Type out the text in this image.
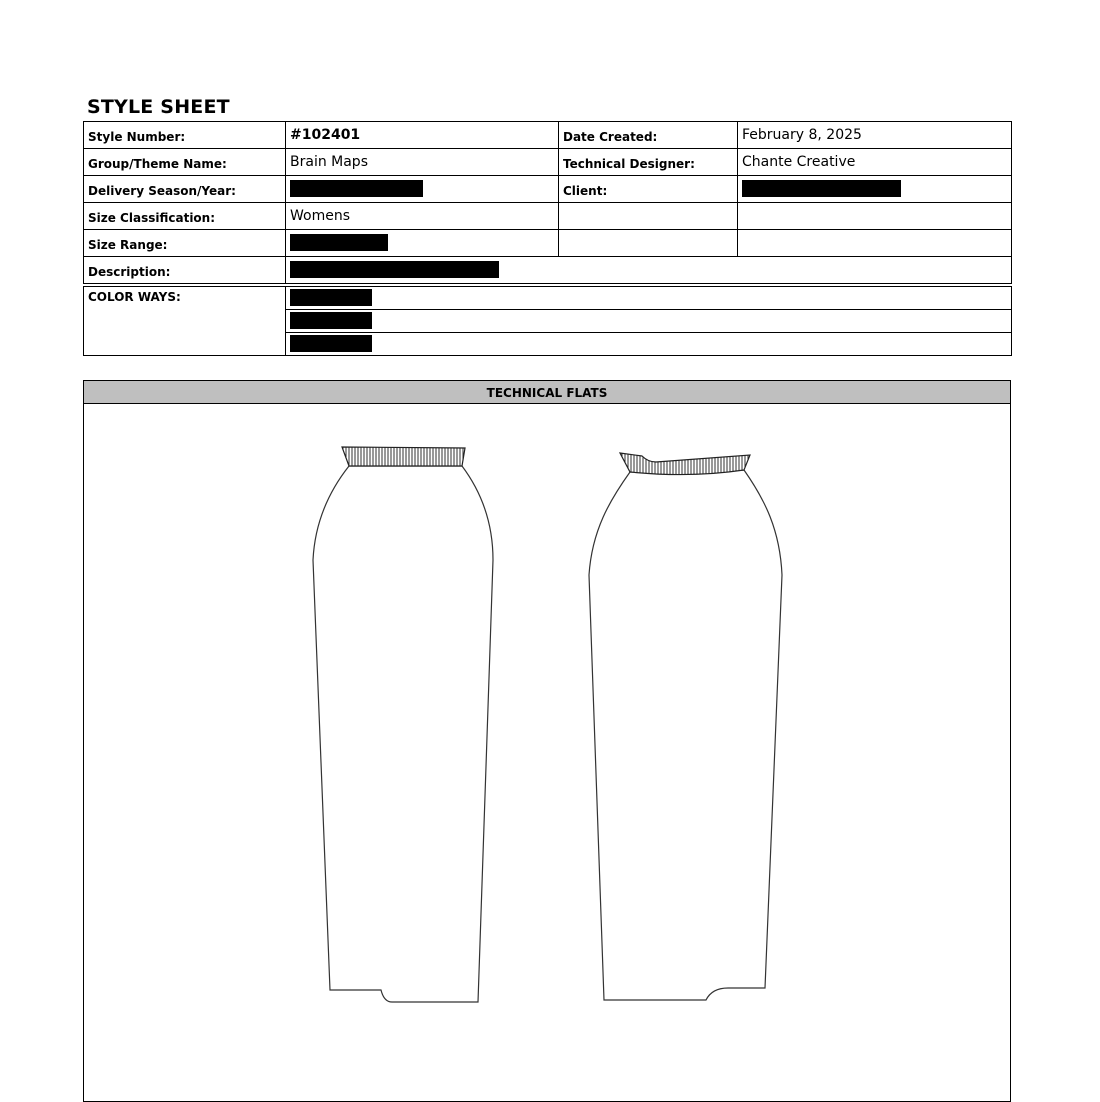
STYLE SHEET
Style Number:	#102401	Date Created:	February 8, 2025
Group/Theme Name:	Brain Maps	Technical Designer:	Chante Creative
Delivery Season/Year:		Client:	
Size Classification:	Womens		
Size Range:			
Description:			
COLOR WAYS:	

TECHNICAL FLATS
